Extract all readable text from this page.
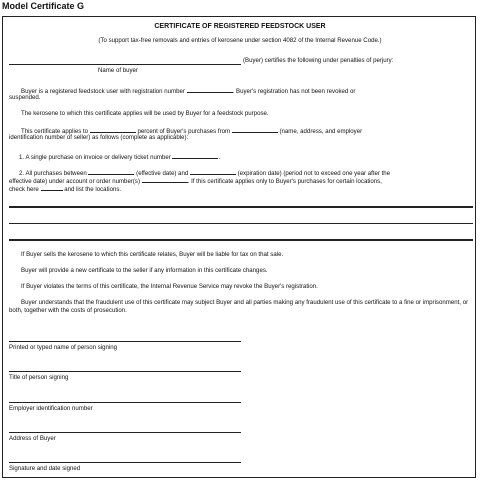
Model Certificate G
CERTIFICATE OF REGISTERED FEEDSTOCK USER
(To support tax-free removals and entries of kerosene under section 4082 of the Internal Revenue Code.)
(Buyer) certifies the following under penalties of perjury:
Name of buyer
Buyer is a registered feedstock user with registration number	. Buyer's registration has not been revoked or
suspended.
The kerosene to which this certificate applies will be used by Buyer for a feedstock purpose.
This certificate applies to	percent of Buyer's purchases from	(name, address, and employer
identification number of seller) as follows (complete as applicable):
1. A single purchase on invoice or delivery ticket number	.
2. All purchases between	(effective date) and	(expiration date) (period not to exceed one year after the
effective date) under account or order number(s)	. If this certificate applies only to Buyer's purchases for certain locations,
check here	and list the locations.
If Buyer sells the kerosene to which this certificate relates, Buyer will be liable for tax on that sale.
Buyer will provide a new certificate to the seller if any information in this certificate changes.
If Buyer violates the terms of this certificate, the Internal Revenue Service may revoke the Buyer's registration.
Buyer understands that the fraudulent use of this certificate may subject Buyer and all parties making any fraudulent use of this certificate to a fine or imprisonment, or both, together with the costs of prosecution.
Printed or typed name of person signing
Title of person signing
Employer identification number
Address of Buyer
Signature and date signed
